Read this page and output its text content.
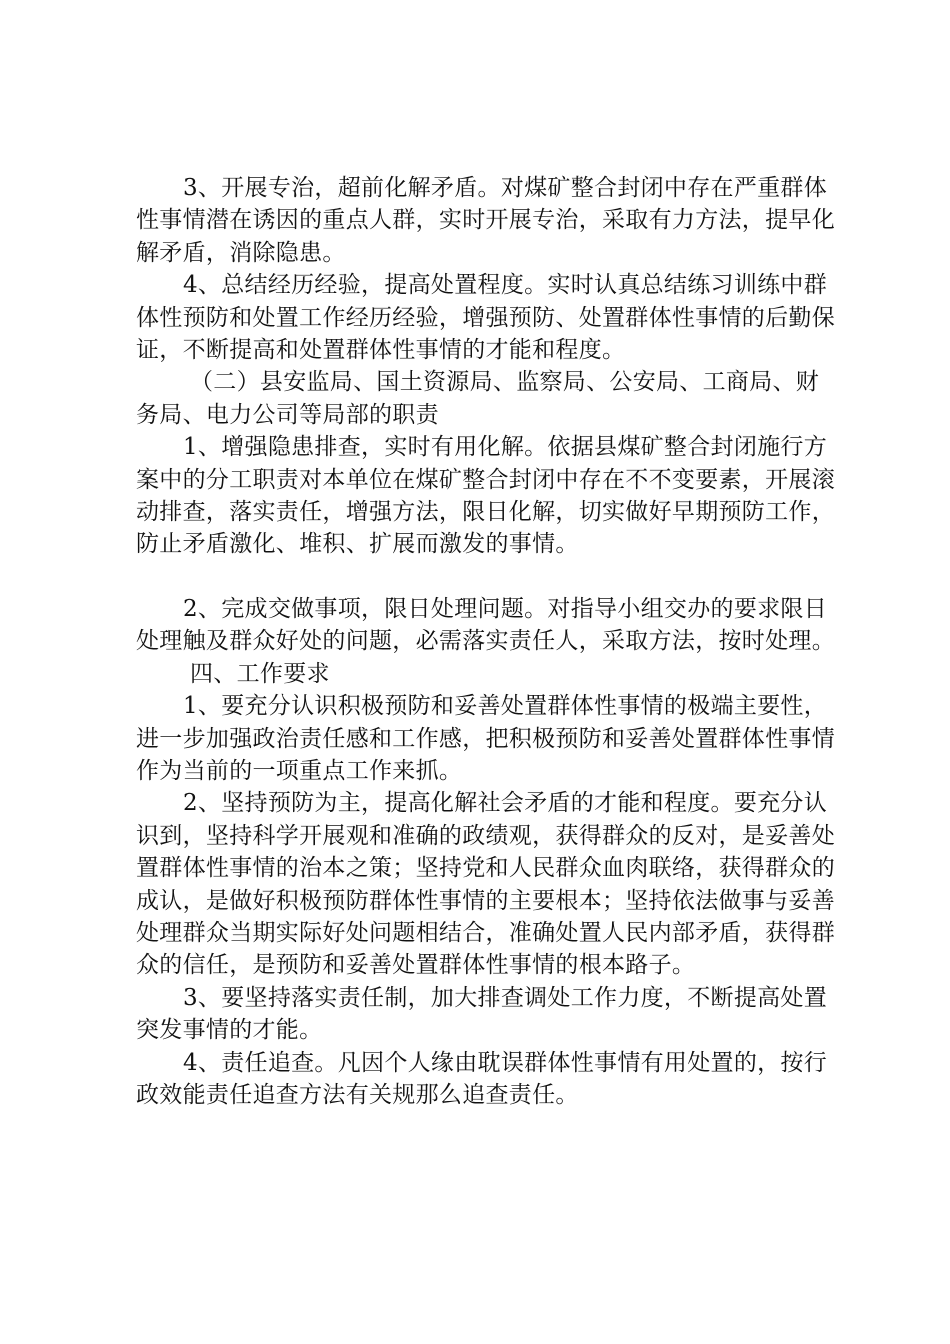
3、开展专治，超前化解矛盾。对煤矿整合封闭中存在严重群体性事情潜在诱因的重点人群，实时开展专治，采取有力方法，提早化解矛盾，消除隐患。

4、总结经历经验，提高处置程度。实时认真总结练习训练中群体性预防和处置工作经历经验，增强预防、处置群体性事情的后勤保证，不断提高和处置群体性事情的才能和程度。

（二）县安监局、国土资源局、监察局、公安局、工商局、财务局、电力公司等局部的职责

1、增强隐患排查，实时有用化解。依据县煤矿整合封闭施行方案中的分工职责对本单位在煤矿整合封闭中存在不不变要素，开展滚动排查，落实责任，增强方法，限日化解，切实做好早期预防工作，防止矛盾激化、堆积、扩展而激发的事情。

2、完成交做事项，限日处理问题。对指导小组交办的要求限日处理触及群众好处的问题，必需落实责任人，采取方法，按时处理。

四、工作要求

1、要充分认识积极预防和妥善处置群体性事情的极端主要性，进一步加强政治责任感和工作感，把积极预防和妥善处置群体性事情作为当前的一项重点工作来抓。

2、坚持预防为主，提高化解社会矛盾的才能和程度。要充分认识到，坚持科学开展观和准确的政绩观，获得群众的反对，是妥善处置群体性事情的治本之策；坚持党和人民群众血肉联络，获得群众的成认，是做好积极预防群体性事情的主要根本；坚持依法做事与妥善处理群众当期实际好处问题相结合，准确处置人民内部矛盾，获得群众的信任，是预防和妥善处置群体性事情的根本路子。

3、要坚持落实责任制，加大排查调处工作力度，不断提高处置突发事情的才能。

4、责任追查。凡因个人缘由耽误群体性事情有用处置的，按行政效能责任追查方法有关规那么追查责任。
